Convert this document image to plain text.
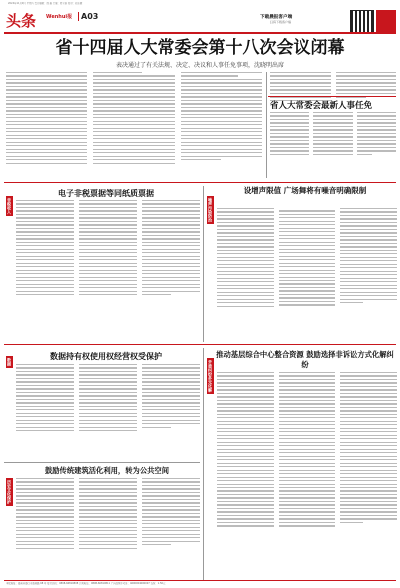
2024年11月9日 星期六 责任编辑：周 鑫 美编：郭立新 校对：刘永健
头条 Wenhui报	A03	下载晨报客户端
扫码下载客户端
省十四届人大常委会第十八次会议闭幕
表决通过了有关法规、决定、决议和人事任免事项，沈晓明出席
省人大常委会最新人事任免
非税收入
电子非税票据等同纸质票据
噪声污染防治
设增声限值 广场舞将有噪音明确限制
数据
数据持有权使用权经营权受保护
矛盾纠纷多元化解
推动基层综合中心整合资源 鼓励选择非诉讼方式化解纠纷
历史文化保护
鼓励传统建筑活化利用，转为公共空间
本报地址：海南省海口市海府路 68 号 报社总机：0898-66810808 订阅电话：0898-66810811 广告经营许可证：4600004000007 每份：1.50元
